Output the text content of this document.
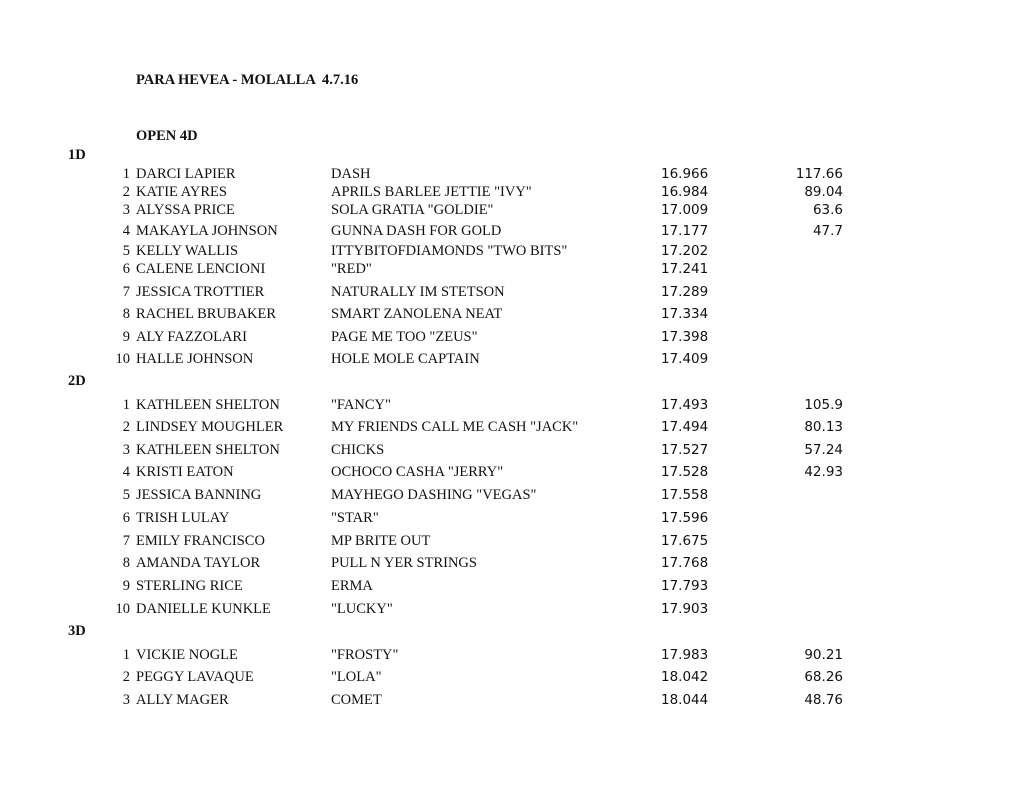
PARA HEVEA - MOLALLA 4.7.16
OPEN 4D
1D
1 DARCI LAPIER	DASH	16.966	117.66
2 KATIE AYRES	APRILS BARLEE JETTIE "IVY"	16.984	89.04
3 ALYSSA PRICE	SOLA GRATIA "GOLDIE"	17.009	63.6
4 MAKAYLA JOHNSON	GUNNA DASH FOR GOLD	17.177	47.7
5 KELLY WALLIS	ITTYBITOFDIAMONDS "TWO BITS"	17.202
6 CALENE LENCIONI	"RED"	17.241
7 JESSICA TROTTIER	NATURALLY IM STETSON	17.289
8 RACHEL BRUBAKER	SMART ZANOLENA NEAT	17.334
9 ALY FAZZOLARI	PAGE ME TOO "ZEUS"	17.398
10 HALLE JOHNSON	HOLE MOLE CAPTAIN	17.409
2D
1 KATHLEEN SHELTON	"FANCY"	17.493	105.9
2 LINDSEY MOUGHLER	MY FRIENDS CALL ME CASH "JACK"	17.494	80.13
3 KATHLEEN SHELTON	CHICKS	17.527	57.24
4 KRISTI EATON	OCHOCO CASHA "JERRY"	17.528	42.93
5 JESSICA BANNING	MAYHEGO DASHING "VEGAS"	17.558
6 TRISH LULAY	"STAR"	17.596
7 EMILY FRANCISCO	MP BRITE OUT	17.675
8 AMANDA TAYLOR	PULL N YER STRINGS	17.768
9 STERLING RICE	ERMA	17.793
10 DANIELLE KUNKLE	"LUCKY"	17.903
3D
1 VICKIE NOGLE	"FROSTY"	17.983	90.21
2 PEGGY LAVAQUE	"LOLA"	18.042	68.26
3 ALLY MAGER	COMET	18.044	48.76
